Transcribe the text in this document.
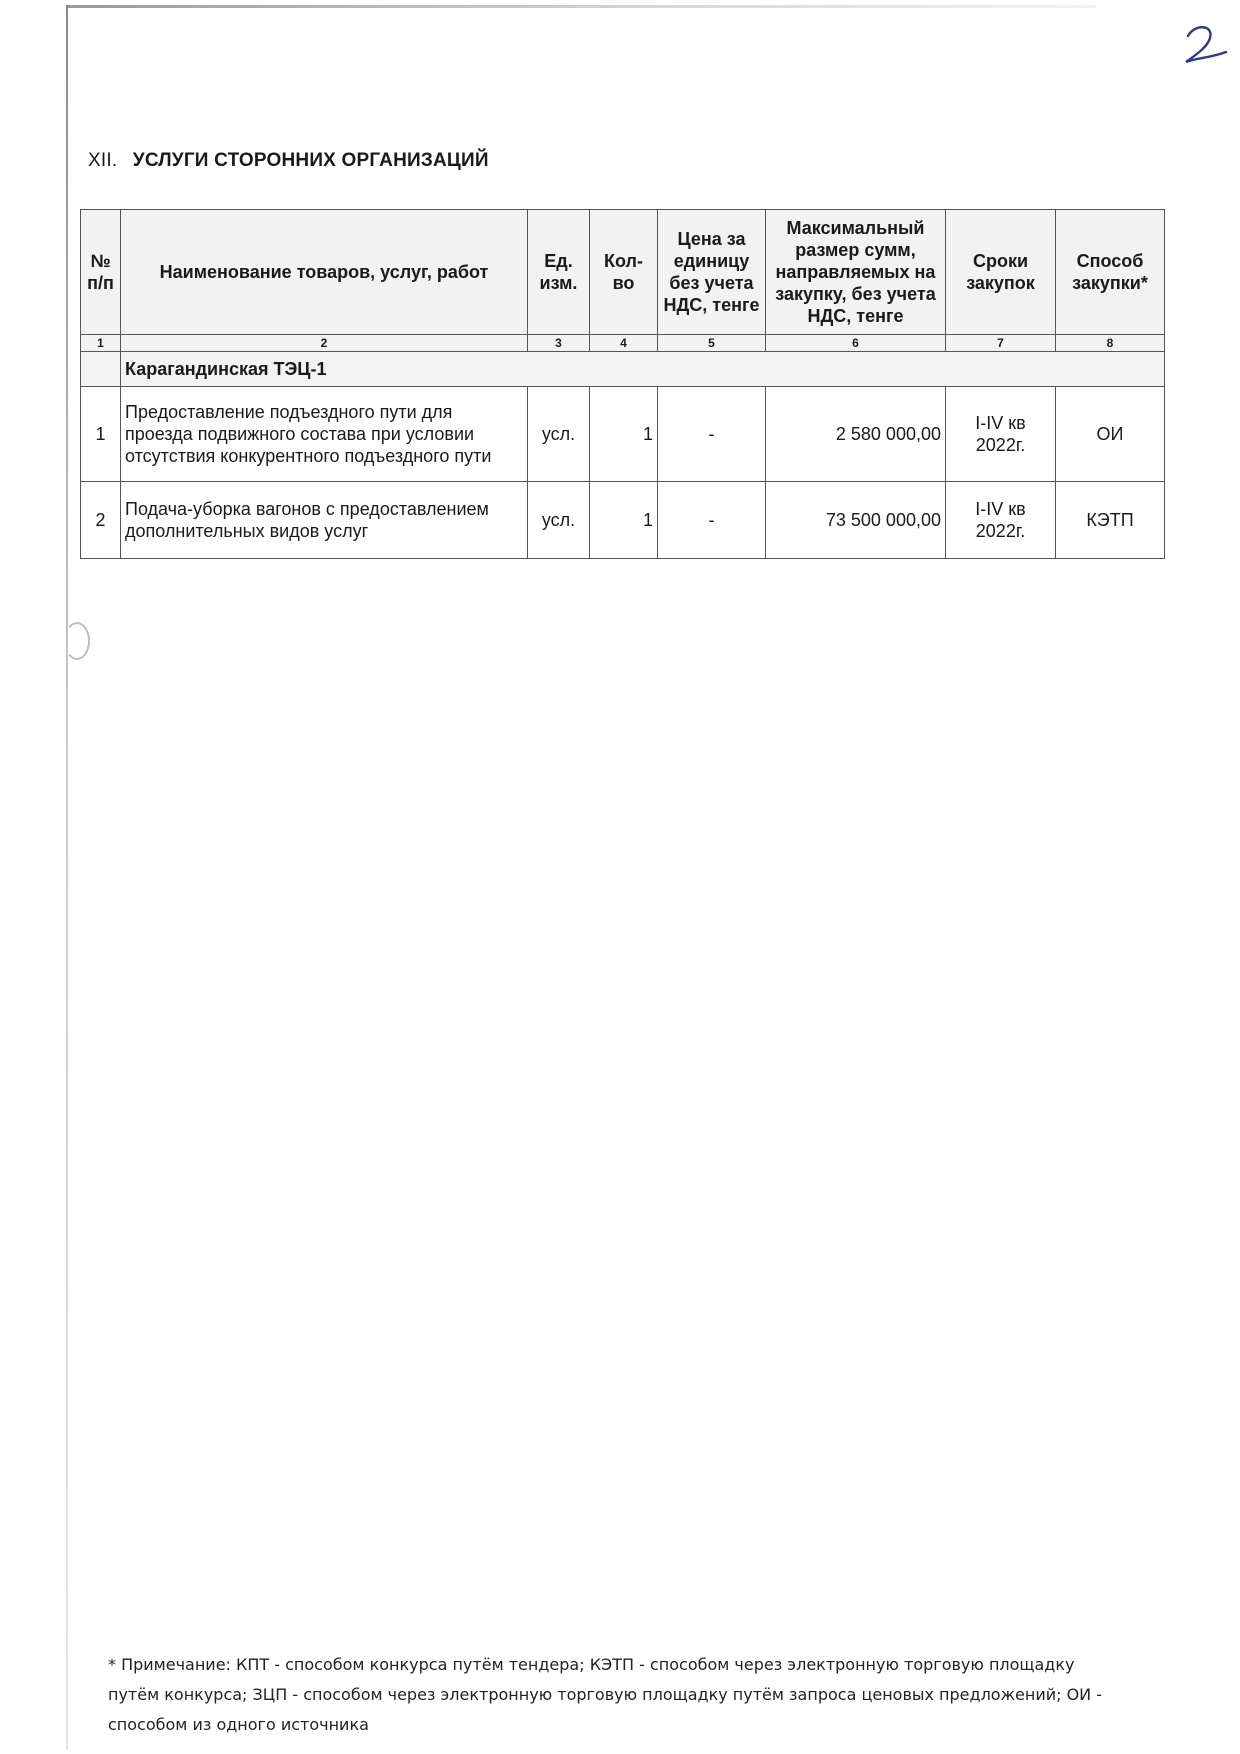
XII. УСЛУГИ СТОРОННИХ ОРГАНИЗАЦИЙ
№ п/п	Наименование товаров, услуг, работ	Ед. изм.	Кол-во	Цена за единицу без учета НДС, тенге	Максимальный размер сумм, направляемых на закупку, без учета НДС, тенге	Сроки закупок	Способ закупки*
1	2	3	4	5	6	7	8
	Карагандинская ТЭЦ-1						
1	Предоставление подъездного пути для проезда подвижного состава при условии отсутствия конкурентного подъездного пути	усл.	1	-	2 580 000,00	I-IV кв 2022г.	ОИ
2	Подача-уборка вагонов с предоставлением дополнительных видов услуг	усл.	1	-	73 500 000,00	I-IV кв 2022г.	КЭТП
* Примечание: КПТ - способом конкурса путём тендера; КЭТП - способом через электронную торговую площадку путём конкурса; ЗЦП - способом через электронную торговую площадку путём запроса ценовых предложений; ОИ - способом из одного источника
